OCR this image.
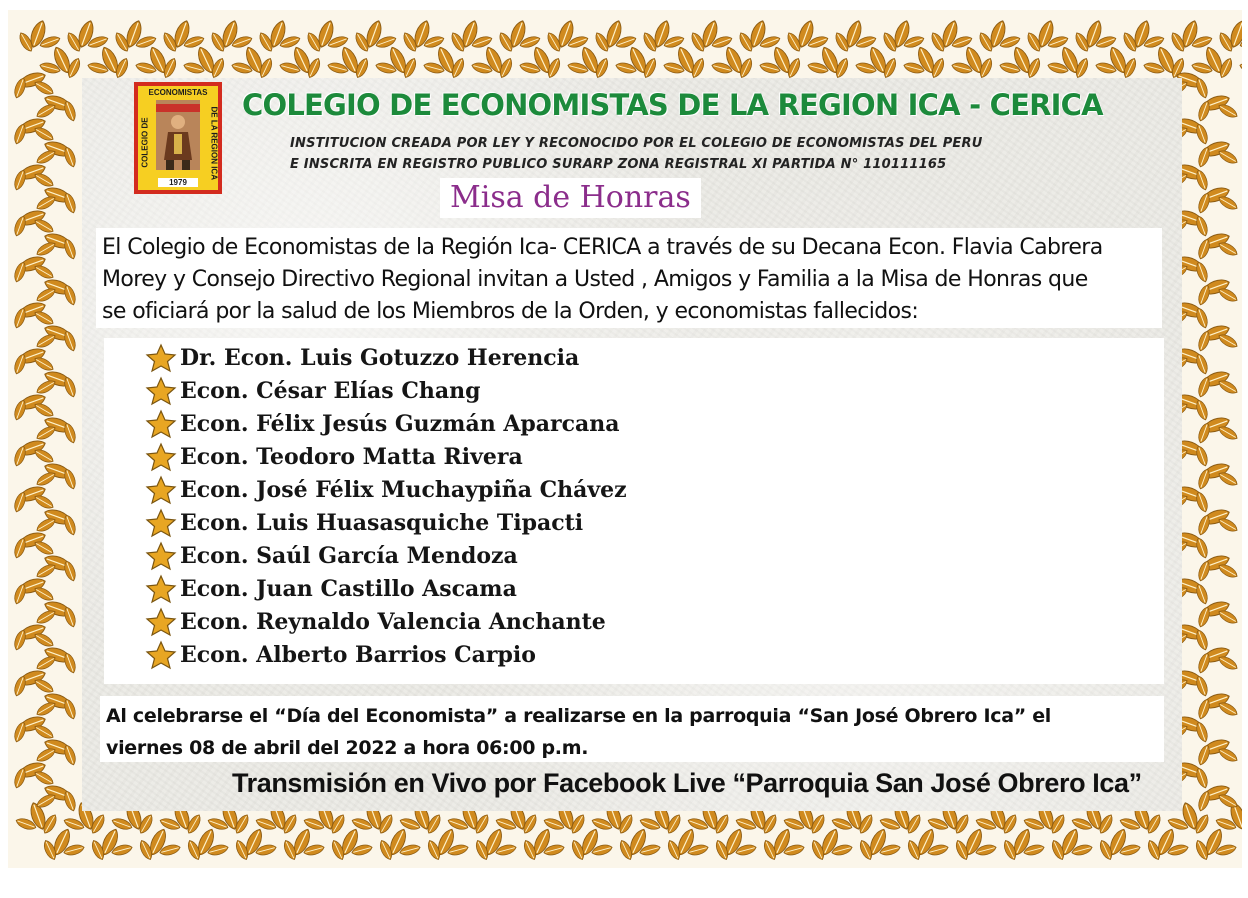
ECONOMISTAS
COLEGIO DE	DE LA REGION ICA
1979
COLEGIO DE ECONOMISTAS DE LA REGION ICA - CERICA
INSTITUCION CREADA POR LEY Y RECONOCIDO POR EL COLEGIO DE ECONOMISTAS DEL PERU
E INSCRITA EN REGISTRO PUBLICO SURARP ZONA REGISTRAL XI PARTIDA N° 110111165
Misa de Honras
El Colegio de Economistas de la Región Ica- CERICA a través de su Decana Econ. Flavia Cabrera
Morey y Consejo Directivo Regional invitan a Usted , Amigos y Familia a la Misa de Honras que
se oficiará por la salud de los Miembros de la Orden, y economistas fallecidos:
Dr. Econ. Luis Gotuzzo Herencia
Econ. César Elías Chang
Econ. Félix Jesús Guzmán Aparcana
Econ. Teodoro Matta Rivera
Econ. José Félix Muchaypiña Chávez
Econ. Luis Huasasquiche Tipacti
Econ. Saúl García Mendoza
Econ. Juan Castillo Ascama
Econ. Reynaldo Valencia Anchante
Econ. Alberto Barrios Carpio
Al celebrarse el “Día del Economista” a realizarse en la parroquia “San José Obrero Ica” el
viernes 08 de abril del 2022 a hora 06:00 p.m.
Transmisión en Vivo por Facebook Live “Parroquia San José Obrero Ica”
